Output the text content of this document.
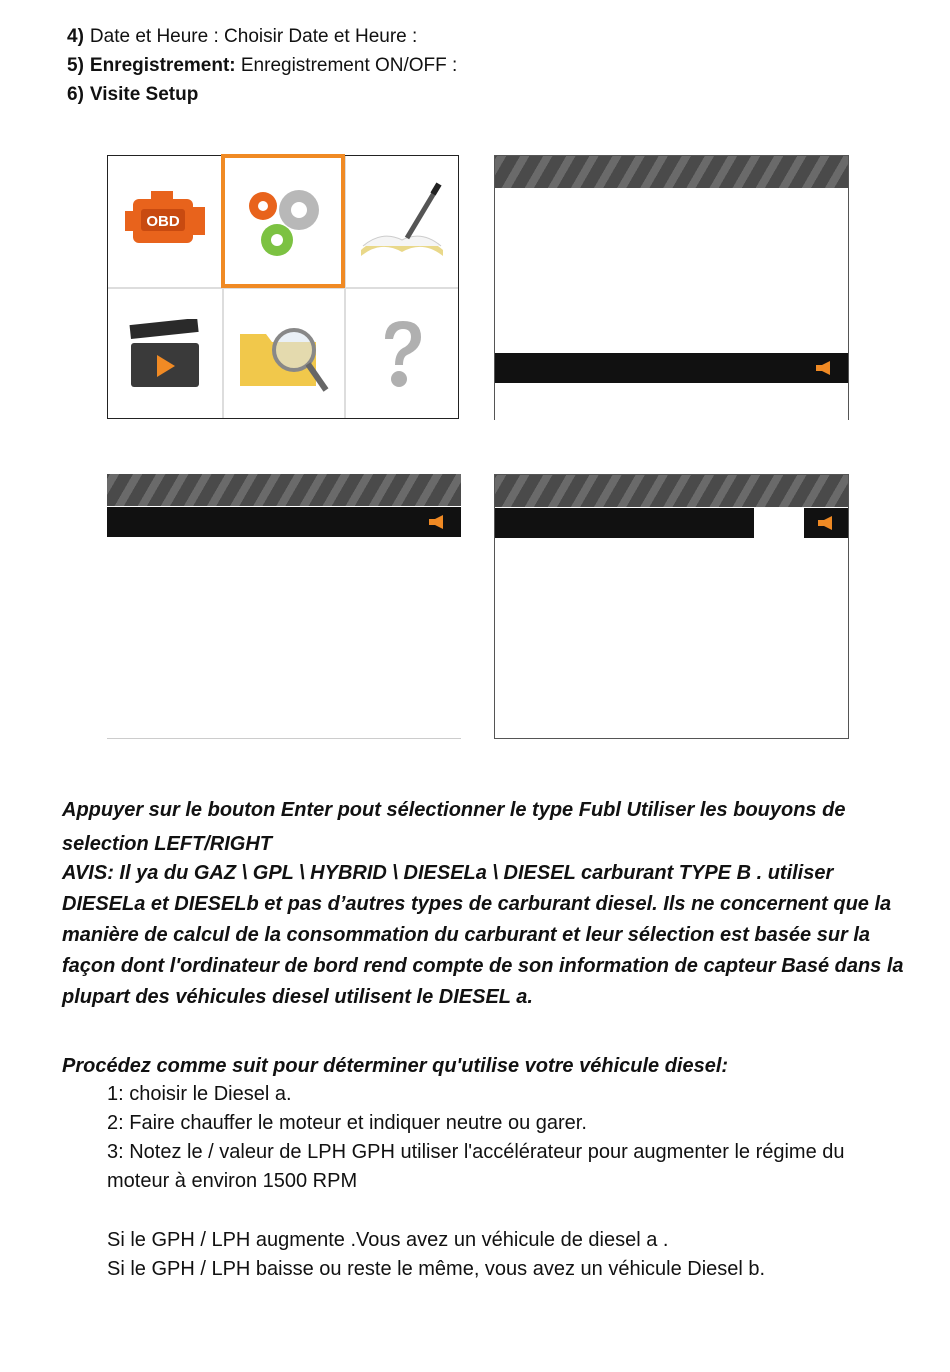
4) Date et Heure : Choisir Date et Heure :
5) Enregistrement: Enregistrement ON/OFF :
6) Visite Setup
OBD
Appuyer sur le bouton Enter pout sélectionner le type Fubl Utiliser les bouyons de selection LEFT/RIGHT
AVIS: Il ya du GAZ \ GPL \ HYBRID \ DIESELa \ DIESEL carburant TYPE B . utiliser DIESELa et DIESELb et pas d’autres types de carburant diesel. Ils ne concernent que la manière de calcul de la consommation du carburant et leur sélection est basée sur la façon dont l'ordinateur de bord rend compte de son information de capteur Basé dans la plupart des véhicules diesel utilisent le DIESEL a.
Procédez comme suit pour déterminer qu'utilise votre véhicule diesel:
1: choisir le Diesel a.
2: Faire chauffer le moteur et indiquer neutre ou garer.
3: Notez le / valeur de LPH GPH utiliser l'accélérateur pour augmenter le régime du
moteur à environ 1500 RPM
Si le GPH / LPH augmente .Vous avez un véhicule de diesel a .
Si le GPH / LPH baisse ou reste le même, vous avez un véhicule Diesel b.
